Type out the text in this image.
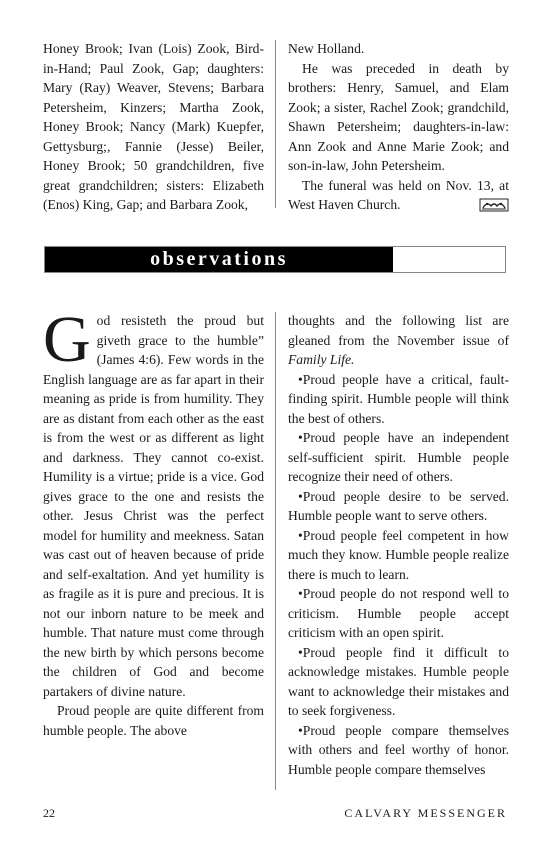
Honey Brook; Ivan (Lois) Zook, Bird-in-Hand; Paul Zook, Gap; daughters: Mary (Ray) Weaver, Stevens; Barbara Petersheim, Kinzers; Martha Zook, Honey Brook; Nancy (Mark) Kuepfer, Gettysburg;, Fannie (Jesse) Beiler, Honey Brook; 50 grandchildren, five great grandchildren; sisters: Elizabeth (Enos) King, Gap; and Barbara Zook,

New Holland.

He was preceded in death by brothers: Henry, Samuel, and Elam Zook; a sister, Rachel Zook; grandchild, Shawn Petersheim; daughters-in-law: Ann Zook and Anne Marie Zook; and son-in-law, John Petersheim.

The funeral was held on Nov. 13, at West Haven Church.

observations

God resisteth the proud but giveth grace to the humble” (James 4:6). Few words in the English language are as far apart in their meaning as pride is from humility. They are as distant from each other as the east is from the west or as different as light and darkness. They cannot co-exist. Humility is a virtue; pride is a vice. God gives grace to the one and resists the other. Jesus Christ was the perfect model for humility and meekness. Satan was cast out of heaven because of pride and self-exaltation. And yet humility is as fragile as it is pure and precious. It is not our inborn nature to be meek and humble. That nature must come through the new birth by which persons become the children of God and become partakers of divine nature.

Proud people are quite different from humble people. The above

thoughts and the following list are gleaned from the November issue of Family Life.

•Proud people have a critical, fault-finding spirit. Humble people will think the best of others.

•Proud people have an independent self-sufficient spirit. Humble people recognize their need of others.

•Proud people desire to be served. Humble people want to serve others.

•Proud people feel competent in how much they know. Humble people realize there is much to learn.

•Proud people do not respond well to criticism. Humble people accept criticism with an open spirit.

•Proud people find it difficult to acknowledge mistakes. Humble people want to acknowledge their mistakes and to seek forgiveness.

•Proud people compare themselves with others and feel worthy of honor. Humble people compare themselves

22	CALVARY MESSENGER
